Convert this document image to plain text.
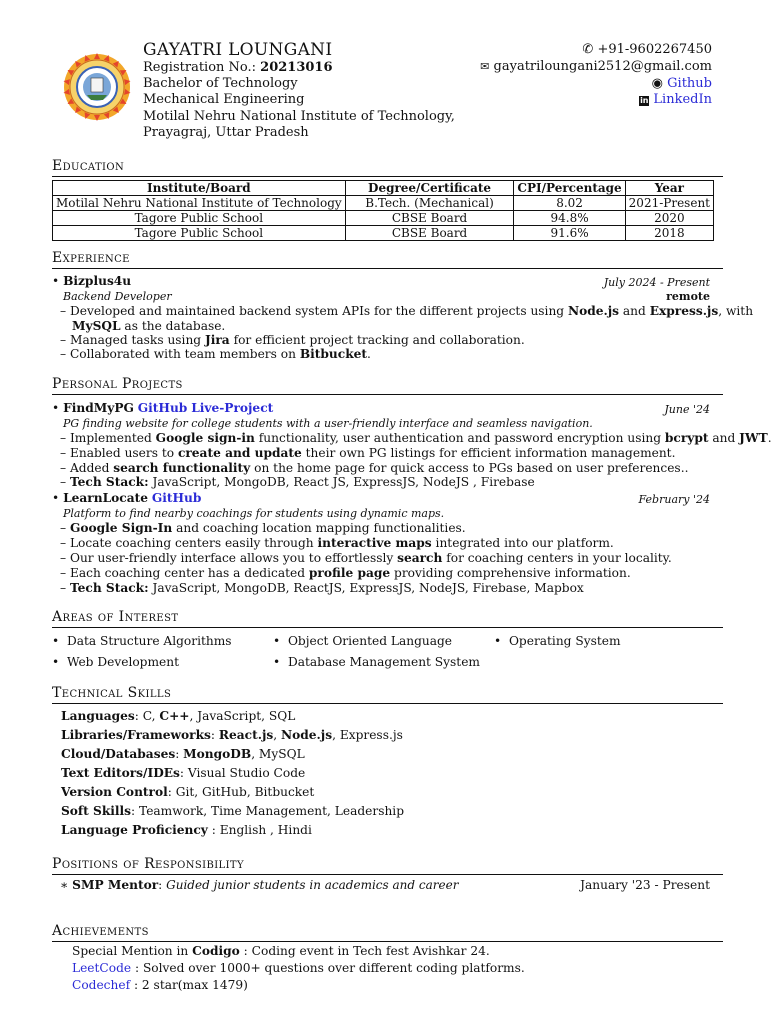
GAYATRI LOUNGANI
Registration No.: 20213016
Bachelor of Technology
Mechanical Engineering
Motilal Nehru National Institute of Technology,
Prayagraj, Uttar Pradesh
✆ +91-9602267450
✉ gayatriloungani2512@gmail.com
◉ Github
in LinkedIn
Education
Institute/Board	Degree/Certificate	CPI/Percentage	Year
Motilal Nehru National Institute of Technology	B.Tech. (Mechanical)	8.02	2021-Present
Tagore Public School	CBSE Board	94.8%	2020
Tagore Public School	CBSE Board	91.6%	2018
Experience
• Bizplus4u	July 2024 - Present
Backend Developer	remote
– Developed and maintained backend system APIs for the different projects using Node.js and Express.js, with
MySQL as the database.
– Managed tasks using Jira for efficient project tracking and collaboration.
– Collaborated with team members on Bitbucket.
Personal Projects
• FindMyPG GitHub Live-Project	June '24
PG finding website for college students with a user-friendly interface and seamless navigation.
– Implemented Google sign-in functionality, user authentication and password encryption using bcrypt and JWT.
– Enabled users to create and update their own PG listings for efficient information management.
– Added search functionality on the home page for quick access to PGs based on user preferences..
– Tech Stack: JavaScript, MongoDB, React JS, ExpressJS, NodeJS , Firebase
• LearnLocate GitHub	February '24
Platform to find nearby coachings for students using dynamic maps.
– Google Sign-In and coaching location mapping functionalities.
– Locate coaching centers easily through interactive maps integrated into our platform.
– Our user-friendly interface allows you to effortlessly search for coaching centers in your locality.
– Each coaching center has a dedicated profile page providing comprehensive information.
– Tech Stack: JavaScript, MongoDB, ReactJS, ExpressJS, NodeJS, Firebase, Mapbox
Areas of Interest
•  Data Structure Algorithms	•  Object Oriented Language	•  Operating System
•  Web Development	•  Database Management System
Technical Skills
Languages: C, C++, JavaScript, SQL
Libraries/Frameworks: React.js, Node.js, Express.js
Cloud/Databases: MongoDB, MySQL
Text Editors/IDEs: Visual Studio Code
Version Control: Git, GitHub, Bitbucket
Soft Skills: Teamwork, Time Management, Leadership
Language Proficiency : English , Hindi
Positions of Responsibility
∗ SMP Mentor: Guided junior students in academics and career	January '23 - Present
Achievements
Special Mention in Codigo : Coding event in Tech fest Avishkar 24.
LeetCode : Solved over 1000+ questions over different coding platforms.
Codechef : 2 star(max 1479)
